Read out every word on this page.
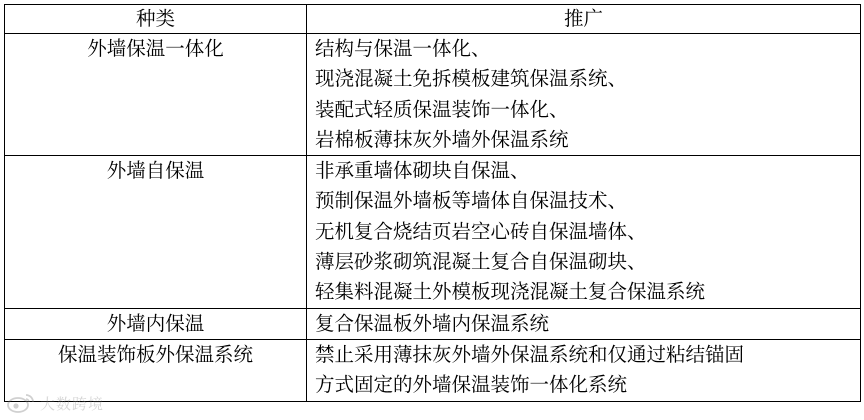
种类	推广
外墙保温一体化	结构与保温一体化、
现浇混凝土免拆模板建筑保温系统、
装配式轻质保温装饰一体化、
岩棉板薄抹灰外墙外保温系统

外墙自保温	非承重墙体砌块自保温、
预制保温外墙板等墙体自保温技术、
无机复合烧结页岩空心砖自保温墙体、
薄层砂浆砌筑混凝土复合自保温砌块、
轻集料混凝土外模板现浇混凝土复合保温系统

外墙内保温	复合保温板外墙内保温系统

保温装饰板外保温系统	禁止采用薄抹灰外墙外保温系统和仅通过粘结锚固
方式固定的外墙保温装饰一体化系统
大数跨境
